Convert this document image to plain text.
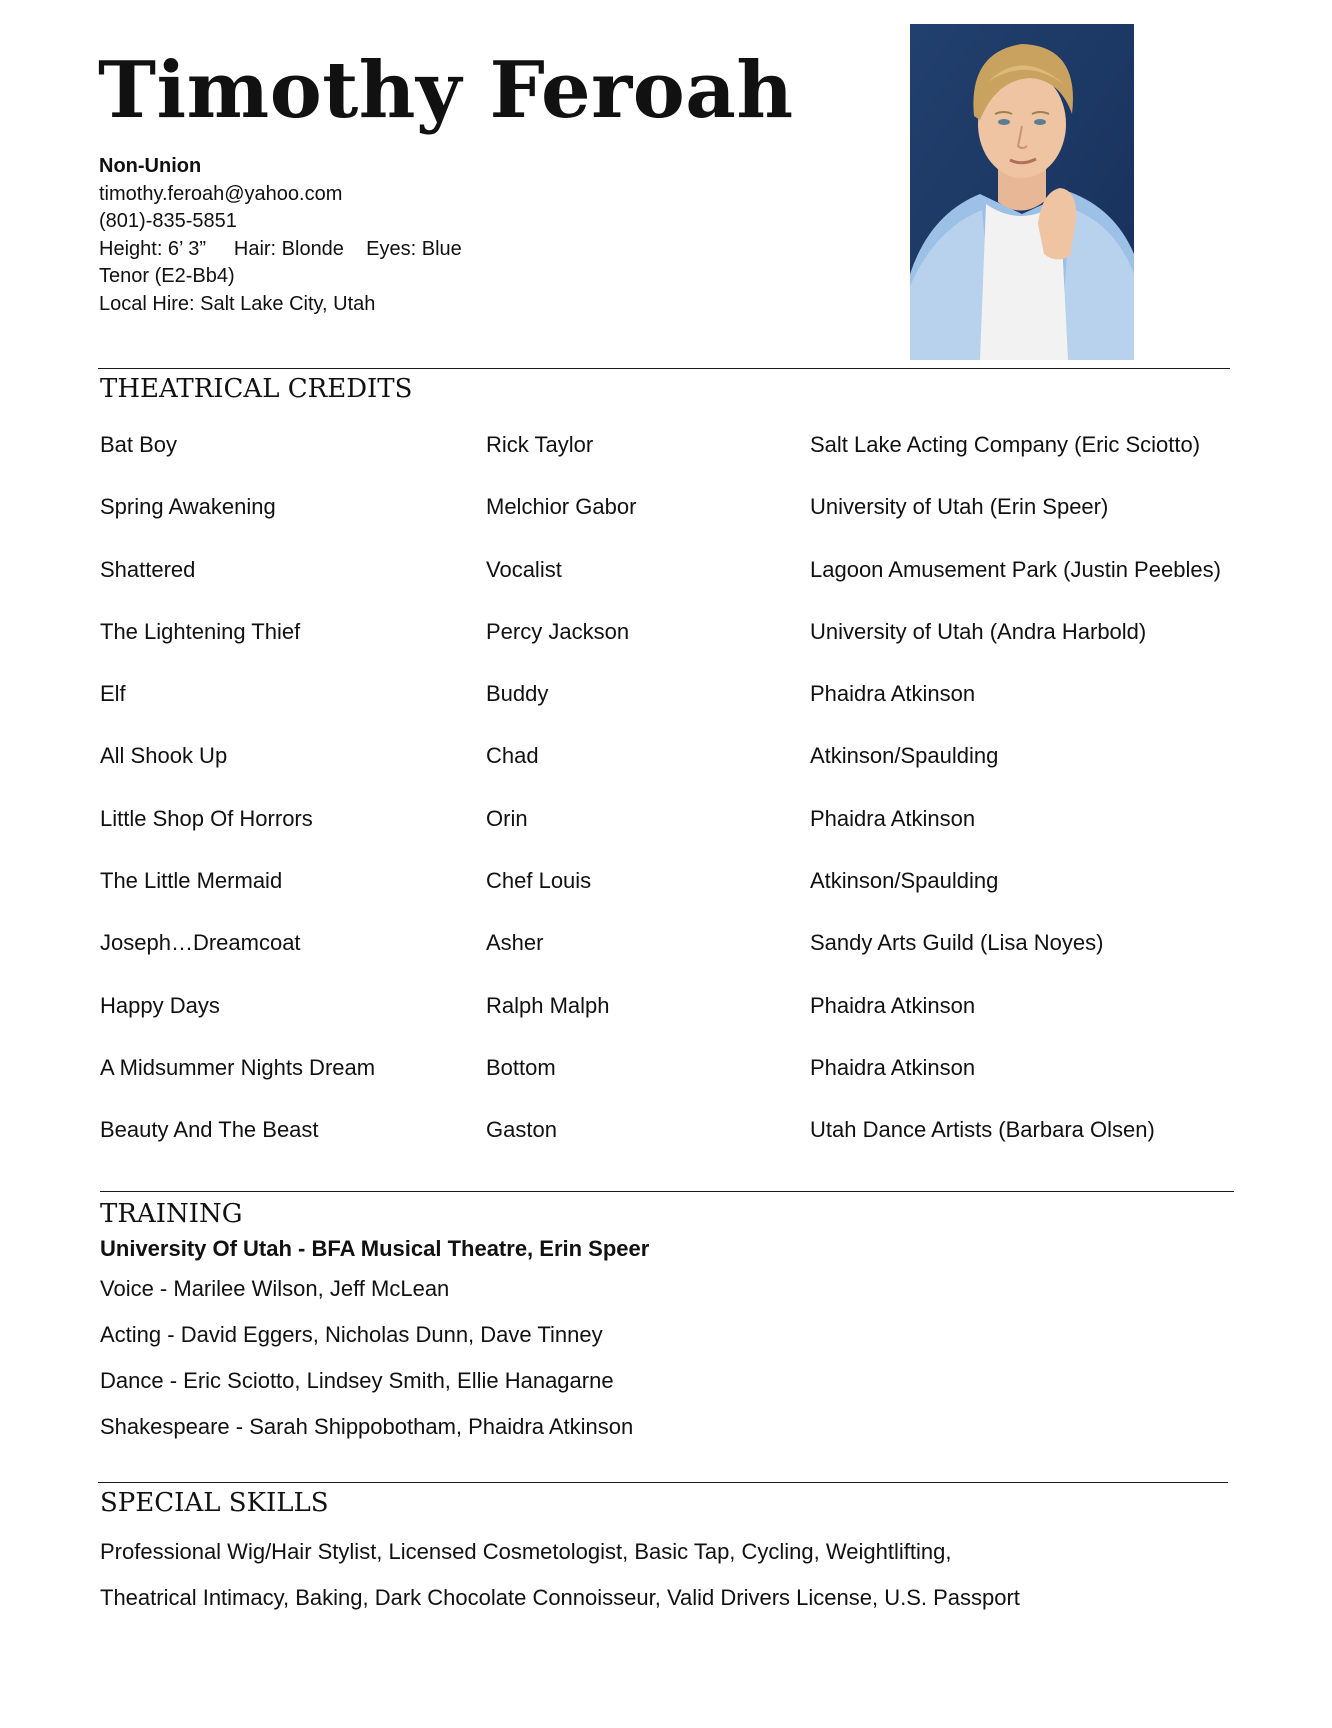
Timothy Feroah
Non-Union
timothy.feroah@yahoo.com
(801)-835-5851
Height: 6’ 3”     Hair: Blonde    Eyes: Blue
Tenor (E2-Bb4)
Local Hire: Salt Lake City, Utah
THEATRICAL CREDITS
Bat Boy	Rick Taylor	Salt Lake Acting Company (Eric Sciotto)
Spring Awakening	Melchior Gabor	University of Utah (Erin Speer)
Shattered	Vocalist	Lagoon Amusement Park (Justin Peebles)
The Lightening Thief	Percy Jackson	University of Utah (Andra Harbold)
Elf	Buddy	Phaidra Atkinson
All Shook Up	Chad	Atkinson/Spaulding
Little Shop Of Horrors	Orin	Phaidra Atkinson
The Little Mermaid	Chef Louis	Atkinson/Spaulding
Joseph…Dreamcoat	Asher	Sandy Arts Guild (Lisa Noyes)
Happy Days	Ralph Malph	Phaidra Atkinson
A Midsummer Nights Dream	Bottom	Phaidra Atkinson
Beauty And The Beast	Gaston	Utah Dance Artists (Barbara Olsen)
TRAINING
University Of Utah - BFA Musical Theatre, Erin Speer
Voice - Marilee Wilson, Jeff McLean
Acting - David Eggers, Nicholas Dunn, Dave Tinney
Dance - Eric Sciotto, Lindsey Smith, Ellie Hanagarne
Shakespeare - Sarah Shippobotham, Phaidra Atkinson
SPECIAL SKILLS
Professional Wig/Hair Stylist, Licensed Cosmetologist, Basic Tap, Cycling, Weightlifting,
Theatrical Intimacy, Baking, Dark Chocolate Connoisseur, Valid Drivers License, U.S. Passport
